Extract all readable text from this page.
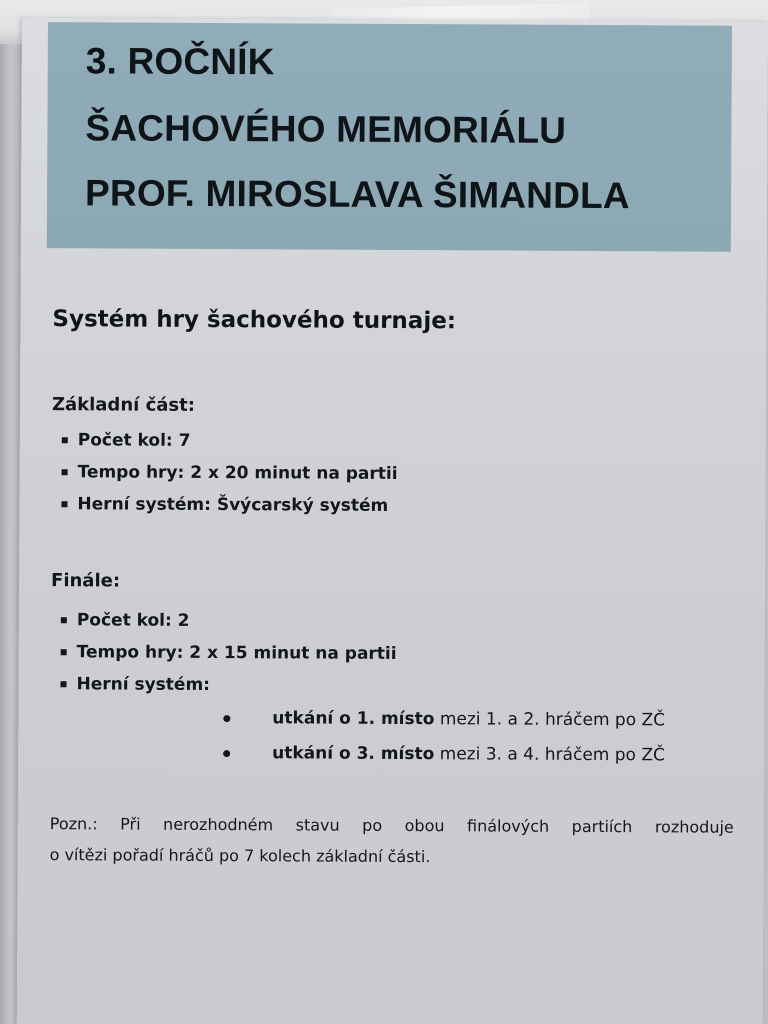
3. ROČNÍK
ŠACHOVÉHO MEMORIÁLU
PROF. MIROSLAVA ŠIMANDLA
Systém hry šachového turnaje:
Základní část:
Počet kol: 7
Tempo hry: 2 x 20 minut na partii
Herní systém: Švýcarský systém
Finále:
Počet kol: 2
Tempo hry: 2 x 15 minut na partii
Herní systém:
utkání o 1. místo mezi 1. a 2. hráčem po ZČ
utkání o 3. místo mezi 3. a 4. hráčem po ZČ

Pozn.: Při nerozhodném stavu po obou finálových partiích rozhoduje
o vítězi pořadí hráčů po 7 kolech základní části.
